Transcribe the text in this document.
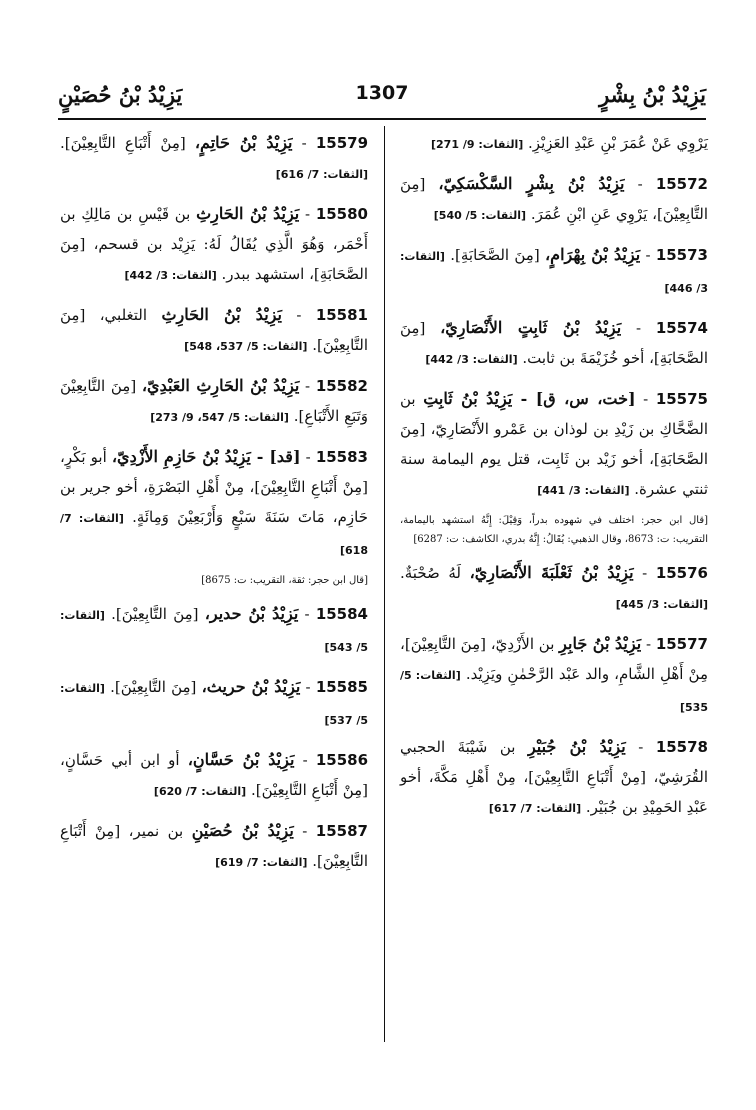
يَزِيْدُ بْنُ بِشْرٍ
1307
يَزِيْدُ بْنُ حُصَيْنٍ
يَرْوِي عَنْ عُمَرَ بْنِ عَبْدِ العَزِيْزِ. [الثقات: 9/ 271]
15572 - يَزِيْدُ بْنُ بِشْرٍ السَّكْسَكِيّ، [مِنَ التَّابِعِيْنَ]، يَرْوِي عَنِ ابْنِ عُمَرَ. [الثقات: 5/ 540]
15573 - يَزِيْدُ بْنُ بِهْرَامٍ، [مِنَ الصَّحَابَةِ]. [الثقات: 3/ 446]
15574 - يَزِيْدُ بْنُ ثَابِتٍ الأَنْصَارِيّ، [مِنَ الصَّحَابَةِ]، أخو خُزَيْمَةَ بن ثابت. [الثقات: 3/ 442]
15575 - [خت، س، ق] - يَزِيْدُ بْنُ ثَابِتِ بن الضَّحَّاكِ بن زَيْدِ بن لوذان بن عَمْرو الأَنْصَارِيّ، [مِنَ الصَّحَابَةِ]، أخو زَيْد بن ثَابِت، قتل يوم اليمامة سنة ثنتي عشرة. [الثقات: 3/ 441]
[قال ابن حجر: اختلف في شهوده بدراً، وَقِيْلَ: إِنَّهُ استشهد باليمامة، التقريب: ت: 8673، وقال الذهبي: يُقَالُ: إِنَّهُ بدري، الكاشف: ت: 6287]
15576 - يَزِيْدُ بْنُ ثَعْلَبَةَ الأَنْصَارِيّ، لَهُ صُحْبَةٌ. [الثقات: 3/ 445]
15577 - يَزِيْدُ بْنُ جَابِرِ بن الأَزْدِيّ، [مِنَ التَّابِعِيْنَ]، مِنْ أَهْلِ الشَّامِ، والد عَبْد الرَّحْمٰنِ ويَزِيْد. [الثقات: 5/ 535]
15578 - يَزِيْدُ بْنُ جُبَيْرِ بن شَيْبَةَ الحجبي القُرَشِيّ، [مِنْ أَتْبَاعِ التَّابِعِيْنَ]، مِنْ أَهْلِ مَكَّةَ، أخو عَبْدِ الحَمِيْدِ بن جُبَيْر. [الثقات: 7/ 617]
15579 - يَزِيْدُ بْنُ حَاتِمٍ، [مِنْ أَتْبَاعِ التَّابِعِيْنَ]. [الثقات: 7/ 616]
15580 - يَزِيْدُ بْنُ الحَارِثِ بن قَيْسِ بن مَالِكِ بن أَحْمَر، وَهُوَ الَّذِي يُقَالُ لَهُ: يَزِيْد بن قسحم، [مِنَ الصَّحَابَةِ]، استشهد ببدر. [الثقات: 3/ 442]
15581 - يَزِيْدُ بْنُ الحَارِثِ التغلبي، [مِنَ التَّابِعِيْنَ]. [الثقات: 5/ 537، 548]
15582 - يَزِيْدُ بْنُ الحَارِثِ العَبْدِيّ، [مِنَ التَّابِعِيْنَ وَتَبَعِ الأَتْبَاعِ]. [الثقات: 5/ 547، 9/ 273]
15583 - [قد] - يَزِيْدُ بْنُ حَازِمِ الأَزْدِيّ، أبو بَكْرٍ، [مِنْ أَتْبَاعِ التَّابِعِيْنَ]، مِنْ أَهْلِ البَصْرَةِ، أخو جرير بن حَازِم، مَاتَ سَنَةَ سَبْعٍ وَأَرْبَعِيْنَ وَمِائَةٍ. [الثقات: 7/ 618]
[قال ابن حجر: ثقة، التقريب: ت: 8675]
15584 - يَزِيْدُ بْنُ حدير، [مِنَ التَّابِعِيْنَ]. [الثقات: 5/ 543]
15585 - يَزِيْدُ بْنُ حريث، [مِنَ التَّابِعِيْنَ]. [الثقات: 5/ 537]
15586 - يَزِيْدُ بْنُ حَسَّانٍ، أو ابن أبي حَسَّانٍ، [مِنْ أَتْبَاعِ التَّابِعِيْنَ]. [الثقات: 7/ 620]
15587 - يَزِيْدُ بْنُ حُصَيْنِ بن نمير، [مِنْ أَتْبَاعِ التَّابِعِيْنَ]. [الثقات: 7/ 619]
